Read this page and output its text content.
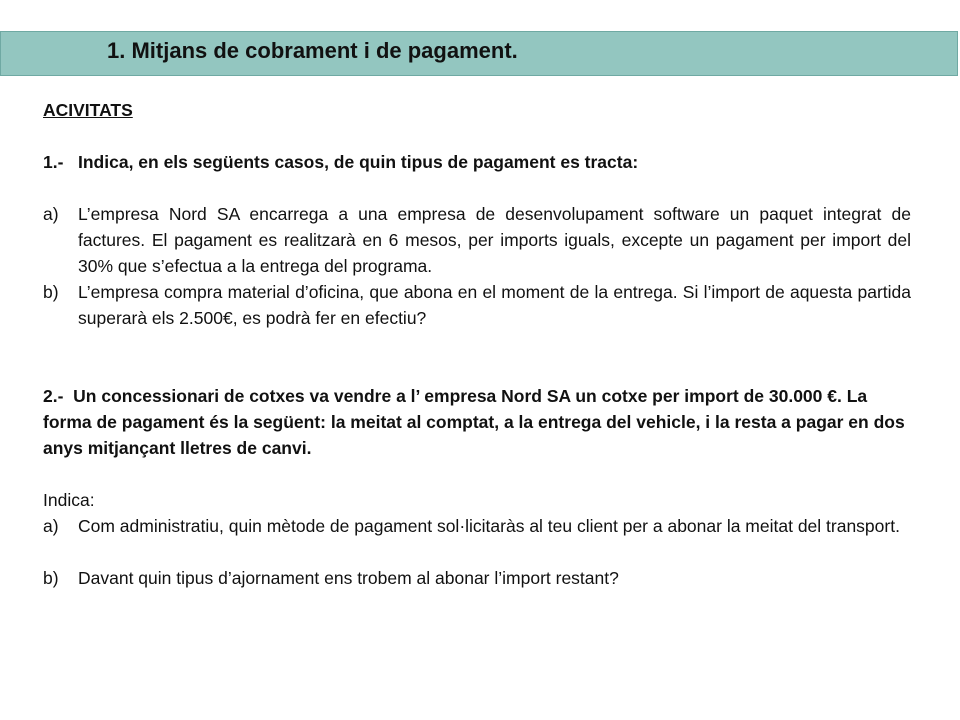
1. Mitjans de cobrament i de pagament.
ACIVITATS
1.- Indica, en els següents casos, de quin tipus de pagament es tracta:
a)	L’empresa Nord SA encarrega a una empresa de desenvolupament software un paquet integrat de factures. El pagament es realitzarà en 6 mesos, per imports iguals, excepte un pagament per import del 30% que s’efectua a la entrega del programa.
b)	L’empresa compra material d’oficina, que abona en el moment de la entrega. Si l’import de aquesta partida superarà els 2.500€, es podrà fer en efectiu?
2.- Un concessionari de cotxes va vendre a l’ empresa Nord SA un cotxe per import de 30.000 €. La forma de pagament és la següent: la meitat al comptat, a la entrega del vehicle, i la resta a pagar en dos anys mitjançant lletres de canvi.
Indica:
a)	Com administratiu, quin mètode de pagament sol·licitaràs al teu client per a abonar la meitat del transport.
b)	Davant quin tipus d’ajornament ens trobem al abonar l’import restant?
